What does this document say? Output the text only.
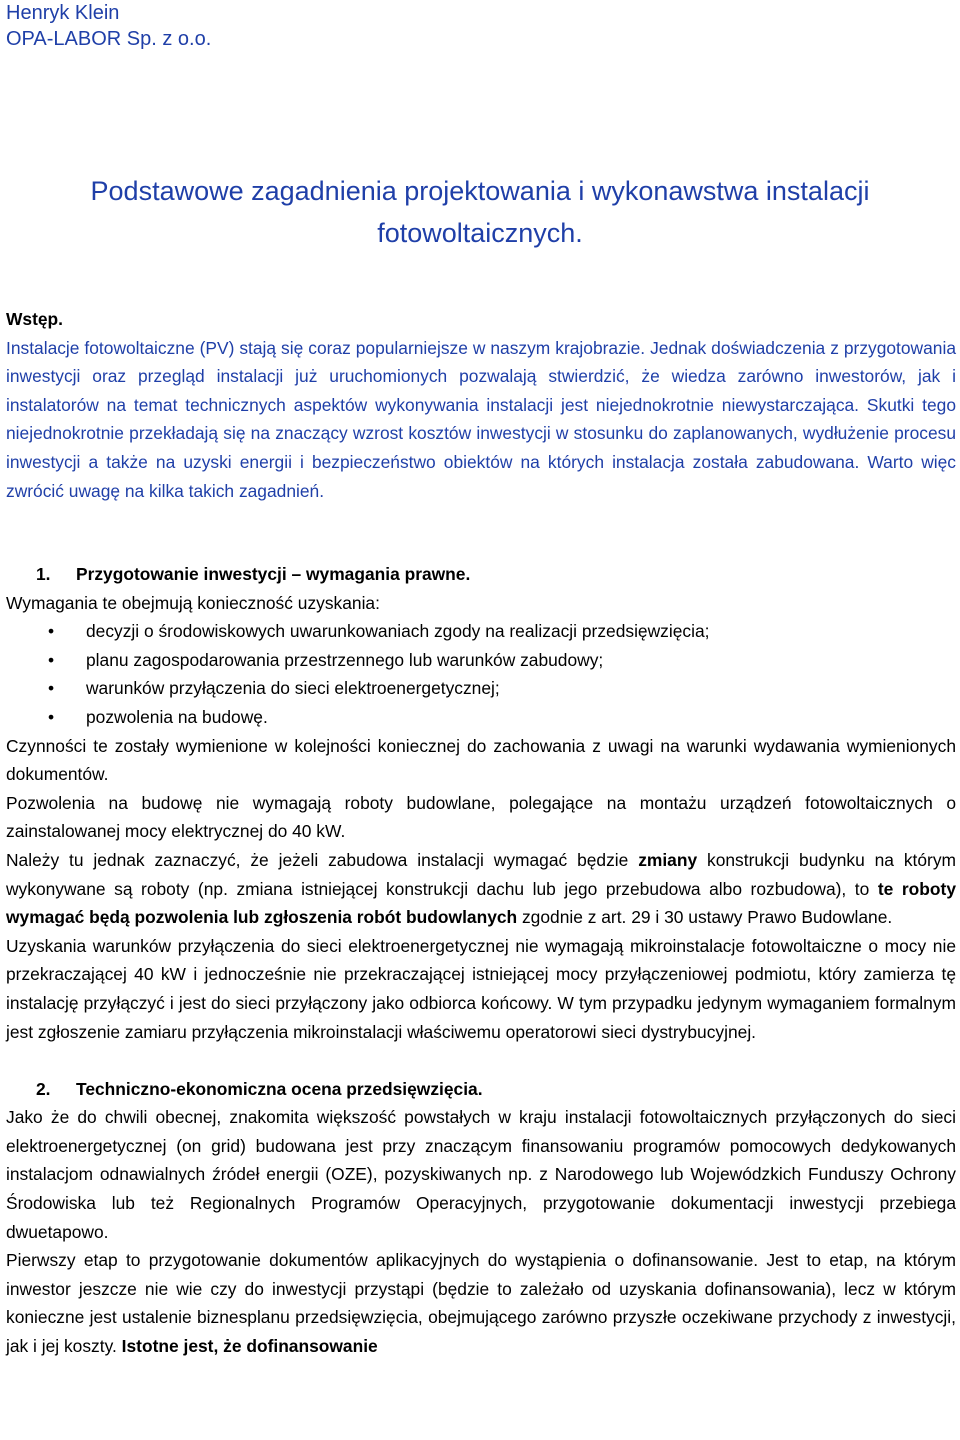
Henryk Klein
OPA-LABOR Sp. z o.o.
Podstawowe zagadnienia projektowania i wykonawstwa instalacji
fotowoltaicznych.
Wstęp.

Instalacje fotowoltaiczne (PV) stają się coraz popularniejsze w naszym krajobrazie. Jednak doświadczenia z przygotowania inwestycji oraz przegląd instalacji już uruchomionych pozwalają stwierdzić, że wiedza zarówno inwestorów, jak i instalatorów na temat technicznych aspektów wykonywania instalacji jest niejednokrotnie niewystarczająca. Skutki tego niejednokrotnie przekładają się na znaczący wzrost kosztów inwestycji w stosunku do zaplanowanych, wydłużenie procesu inwestycji a także na uzyski energii i bezpieczeństwo obiektów na których instalacja została zabudowana. Warto więc zwrócić uwagę na kilka takich zagadnień.

1. Przygotowanie inwestycji – wymagania prawne.

Wymagania te obejmują konieczność uzyskania:

• decyzji o środowiskowych uwarunkowaniach zgody na realizacji przedsięwzięcia;
• planu zagospodarowania przestrzennego lub warunków zabudowy;
• warunków przyłączenia do sieci elektroenergetycznej;
• pozwolenia na budowę.

Czynności te zostały wymienione w kolejności koniecznej do zachowania z uwagi na warunki wydawania wymienionych dokumentów.

Pozwolenia na budowę nie wymagają roboty budowlane, polegające na montażu urządzeń fotowoltaicznych o zainstalowanej mocy elektrycznej do 40 kW.

Należy tu jednak zaznaczyć, że jeżeli zabudowa instalacji wymagać będzie zmiany konstrukcji budynku na którym wykonywane są roboty (np. zmiana istniejącej konstrukcji dachu lub jego przebudowa albo rozbudowa), to te roboty wymagać będą pozwolenia lub zgłoszenia robót budowlanych zgodnie z art. 29 i 30 ustawy Prawo Budowlane.

Uzyskania warunków przyłączenia do sieci elektroenergetycznej nie wymagają mikroinstalacje fotowoltaiczne o mocy nie przekraczającej 40 kW i jednocześnie nie przekraczającej istniejącej mocy przyłączeniowej podmiotu, który zamierza tę instalację przyłączyć i jest do sieci przyłączony jako odbiorca końcowy. W tym przypadku jedynym wymaganiem formalnym jest zgłoszenie zamiaru przyłączenia mikroinstalacji właściwemu operatorowi sieci dystrybucyjnej.

2. Techniczno-ekonomiczna ocena przedsięwzięcia.

Jako że do chwili obecnej, znakomita większość powstałych w kraju instalacji fotowoltaicznych przyłączonych do sieci elektroenergetycznej (on grid) budowana jest przy znaczącym finansowaniu programów pomocowych dedykowanych instalacjom odnawialnych źródeł energii (OZE), pozyskiwanych np. z Narodowego lub Wojewódzkich Funduszy Ochrony Środowiska lub też Regionalnych Programów Operacyjnych, przygotowanie dokumentacji inwestycji przebiega dwuetapowo.

Pierwszy etap to przygotowanie dokumentów aplikacyjnych do wystąpienia o dofinansowanie. Jest to etap, na którym inwestor jeszcze nie wie czy do inwestycji przystąpi (będzie to zależało od uzyskania dofinansowania), lecz w którym konieczne jest ustalenie biznesplanu przedsięwzięcia, obejmującego zarówno przyszłe oczekiwane przychody z inwestycji, jak i jej koszty. Istotne jest, że dofinansowanie
